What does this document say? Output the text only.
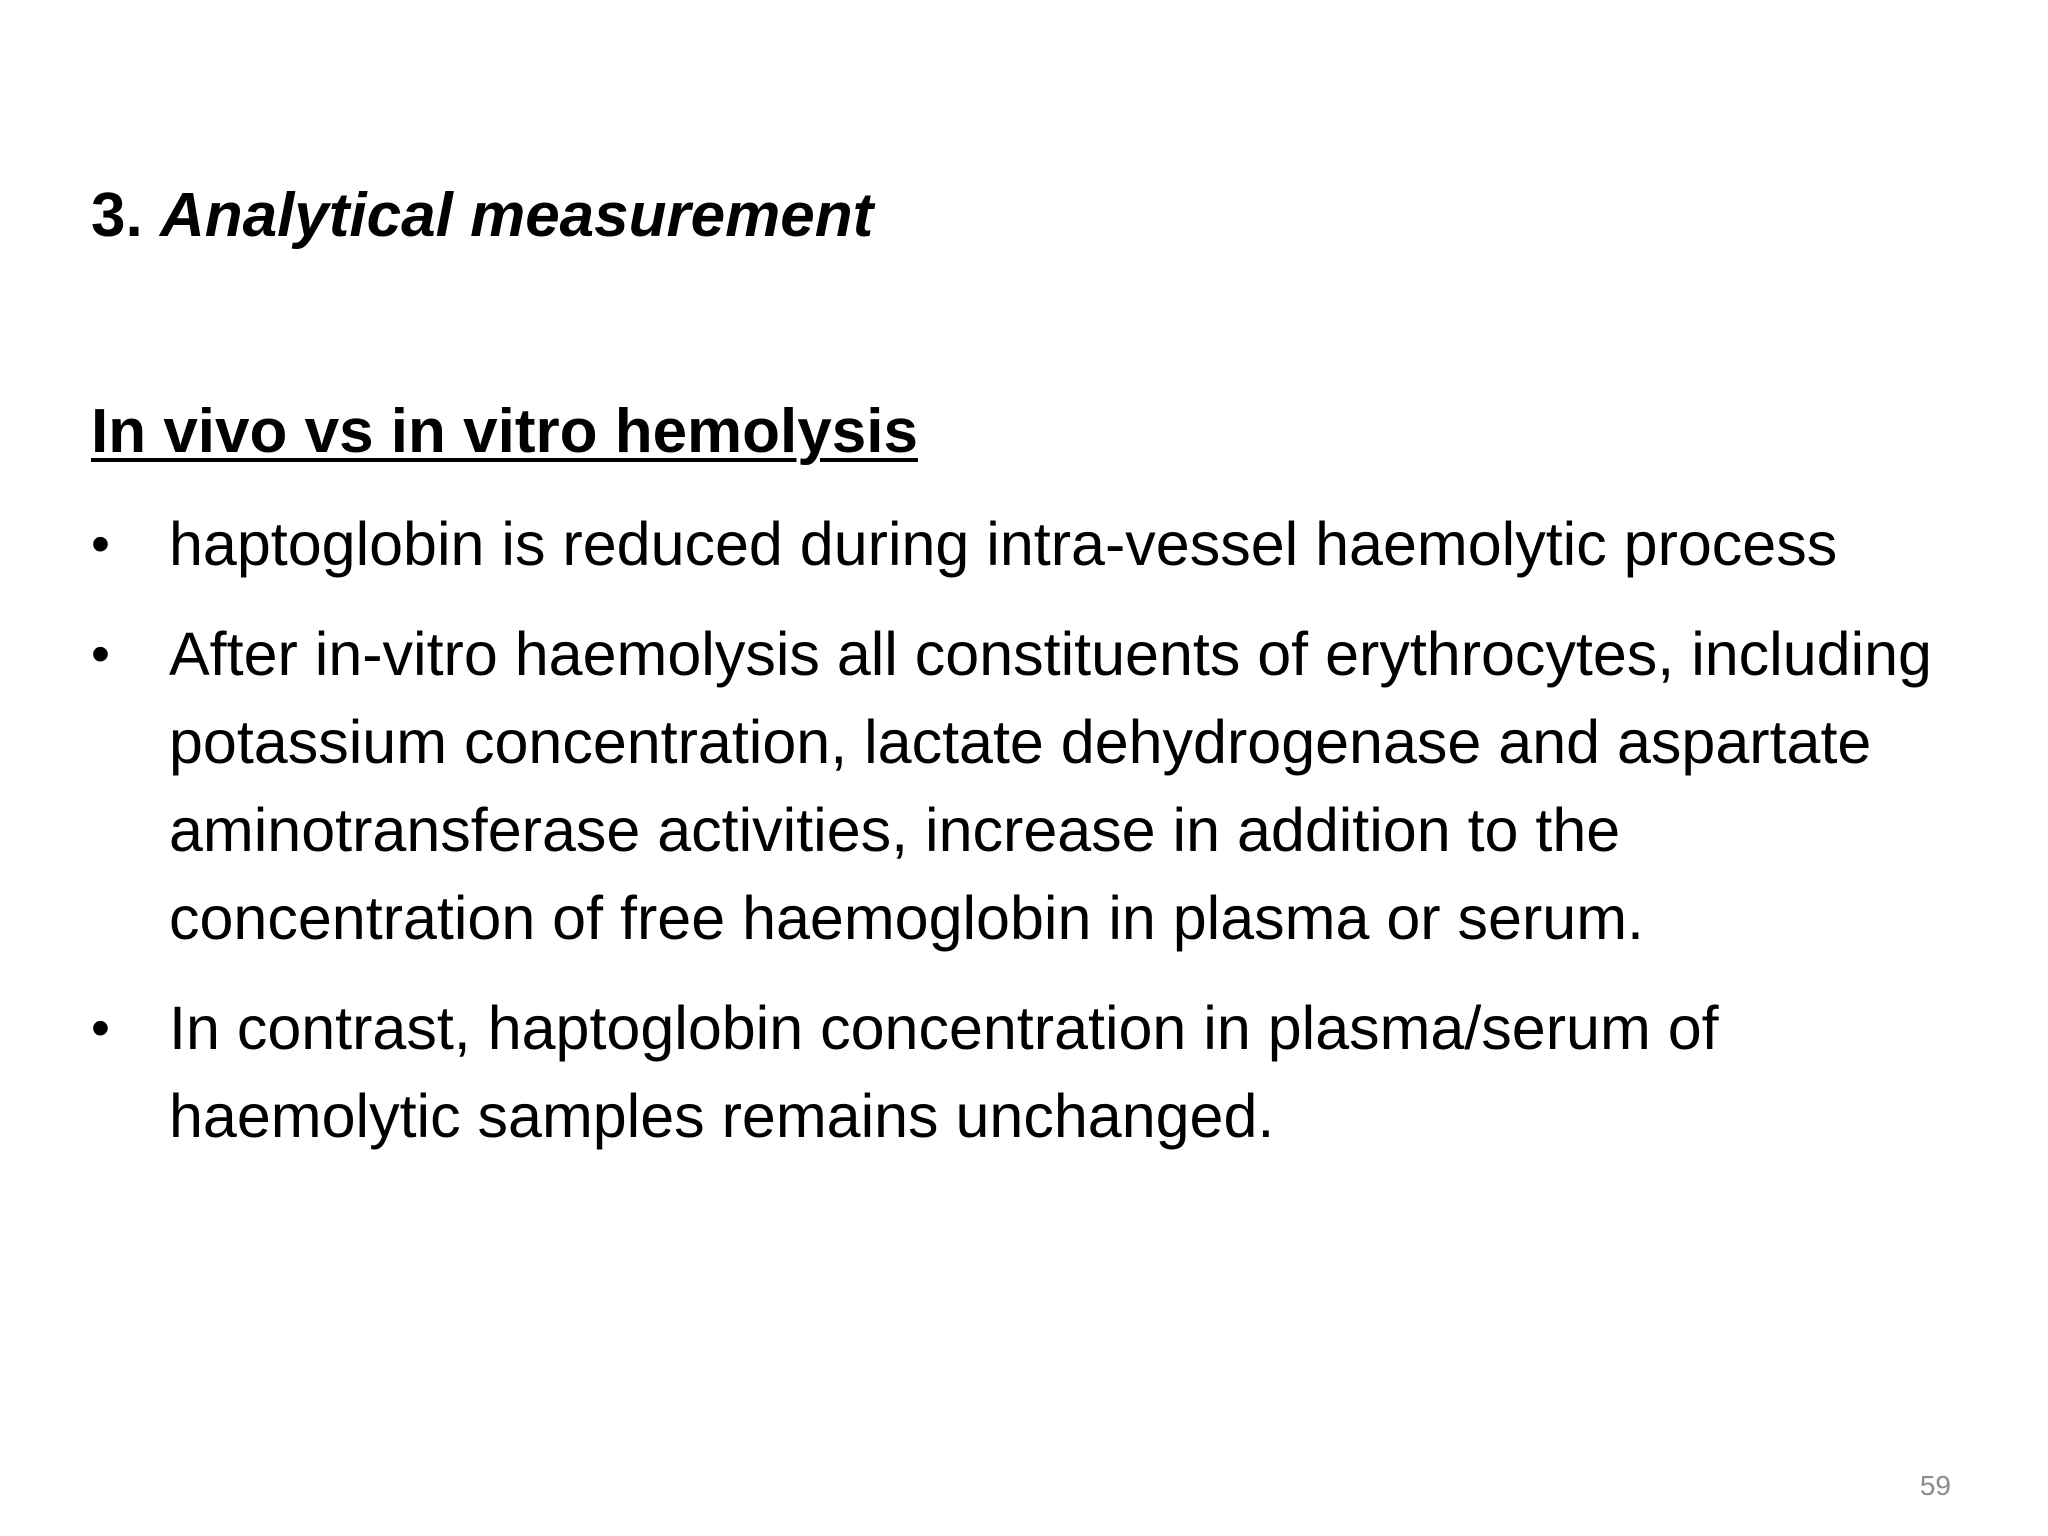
3. Analytical measurement
In vivo vs in vitro hemolysis
• haptoglobin is reduced during intra-vessel haemolytic process
• After in-vitro haemolysis all constituents of erythrocytes, including potassium concentration, lactate dehydrogenase and aspartate aminotransferase activities, increase in addition to the concentration of free haemoglobin in plasma or serum.
• In contrast, haptoglobin concentration in plasma/serum of haemolytic samples remains unchanged.
59
